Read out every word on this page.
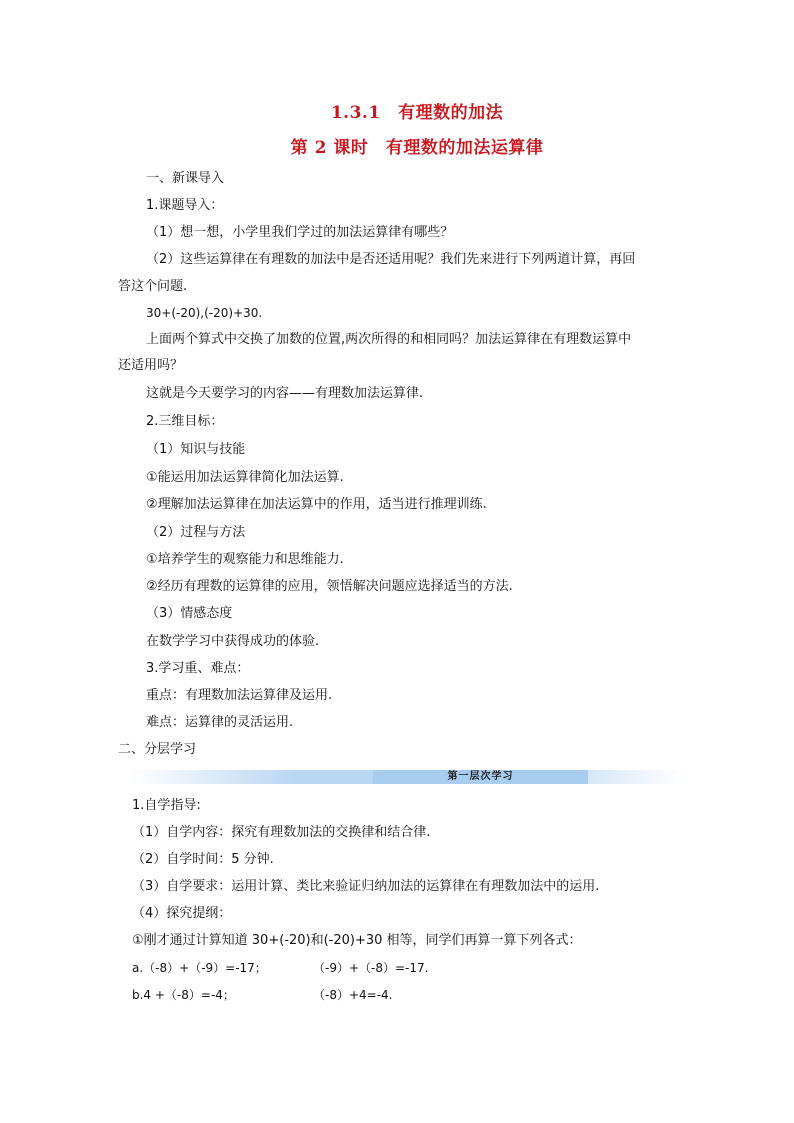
1.3.1　有理数的加法
第 2 课时　有理数的加法运算律
一、新课导入
1.课题导入：
（1）想一想，小学里我们学过的加法运算律有哪些？
（2）这些运算律在有理数的加法中是否还适用呢？我们先来进行下列两道计算，再回
答这个问题.
30+(-20),(-20)+30.
上面两个算式中交换了加数的位置,两次所得的和相同吗？加法运算律在有理数运算中
还适用吗？
这就是今天要学习的内容——有理数加法运算律.
2.三维目标：
（1）知识与技能
①能运用加法运算律简化加法运算.
②理解加法运算律在加法运算中的作用，适当进行推理训练.
（2）过程与方法
①培养学生的观察能力和思维能力.
②经历有理数的运算律的应用，领悟解决问题应选择适当的方法.
（3）情感态度
在数学学习中获得成功的体验.
3.学习重、难点：
重点：有理数加法运算律及运用.
难点：运算律的灵活运用.
二、分层学习
第一层次学习
1.自学指导:
（1）自学内容：探究有理数加法的交换律和结合律.
（2）自学时间：5 分钟.
（3）自学要求：运用计算、类比来验证归纳加法的运算律在有理数加法中的运用.
（4）探究提纲：
①刚才通过计算知道 30+(-20)和(-20)+30 相等，同学们再算一算下列各式：
a.（-8）+（-9）=-17；	（-9）+（-8）=-17.
b.4 +（-8）=-4；	（-8）+4=-4.
